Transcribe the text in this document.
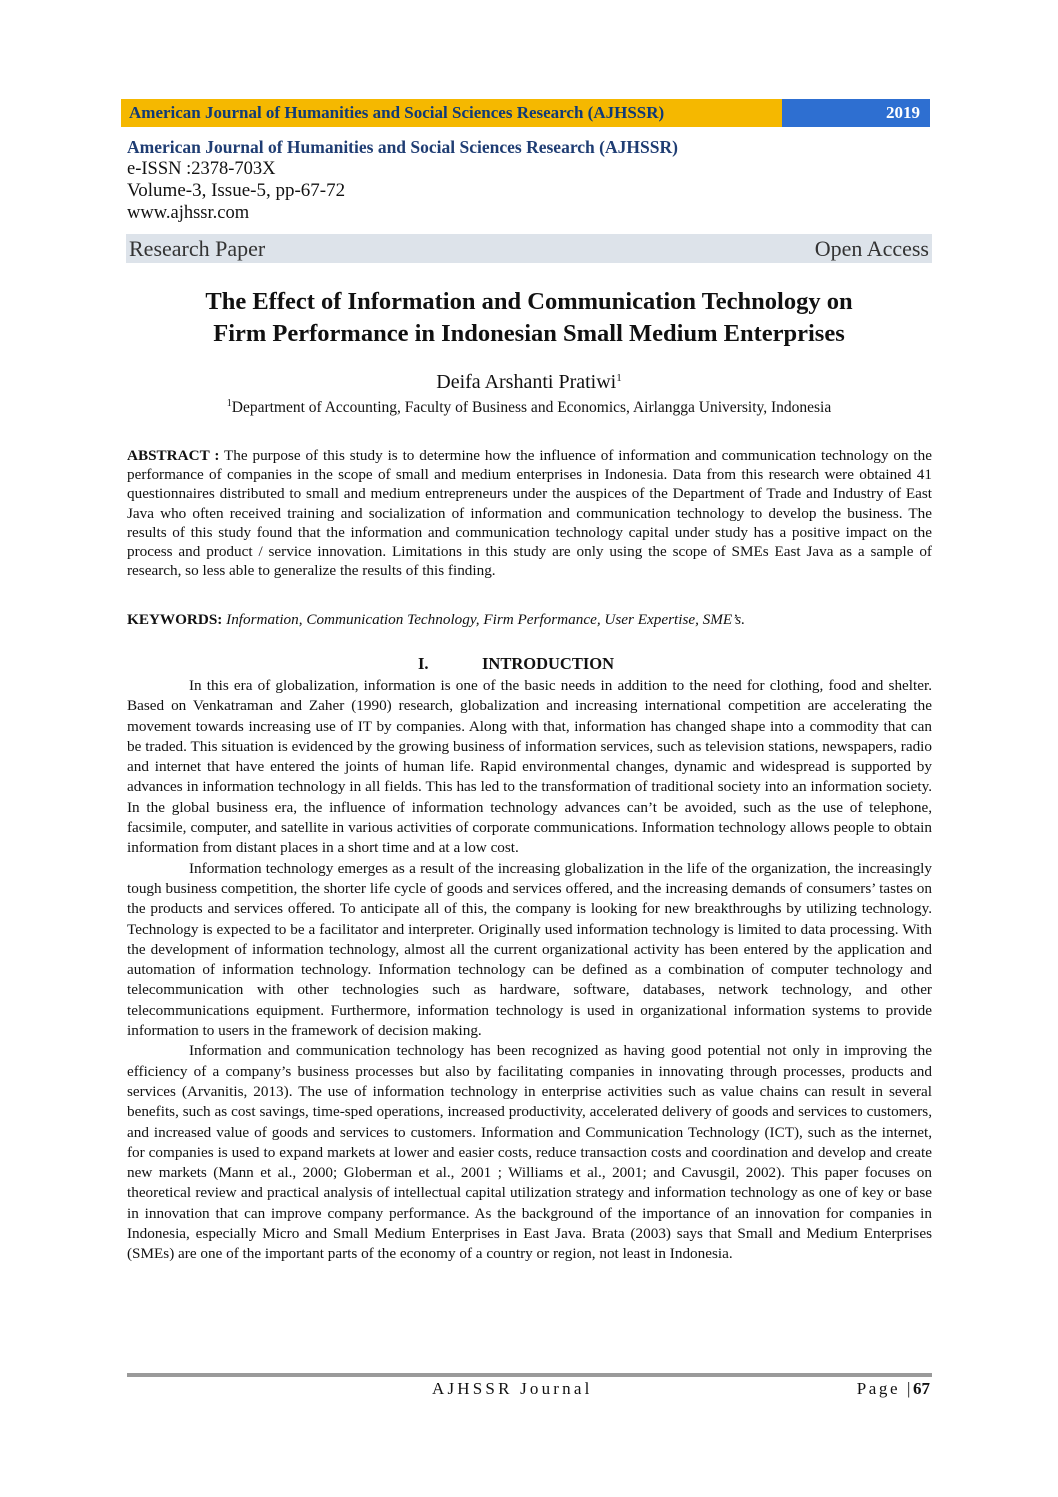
American Journal of Humanities and Social Sciences Research (AJHSSR)	2019
American Journal of Humanities and Social Sciences Research (AJHSSR)
e-ISSN :2378-703X
Volume-3, Issue-5, pp-67-72
www.ajhssr.com
Research Paper	Open Access
The Effect of Information and Communication Technology on
Firm Performance in Indonesian Small Medium Enterprises
Deifa Arshanti Pratiwi$^1$
$^1$Department of Accounting, Faculty of Business and Economics, Airlangga University, Indonesia
ABSTRACT : The purpose of this study is to determine how the influence of information and communication technology on the performance of companies in the scope of small and medium enterprises in Indonesia. Data from this research were obtained 41 questionnaires distributed to small and medium entrepreneurs under the auspices of the Department of Trade and Industry of East Java who often received training and socialization of information and communication technology to develop the business. The results of this study found that the information and communication technology capital under study has a positive impact on the process and product / service innovation. Limitations in this study are only using the scope of SMEs East Java as a sample of research, so less able to generalize the results of this finding.
KEYWORDS: Information, Communication Technology, Firm Performance, User Expertise, SME’s.
I.	INTRODUCTION

In this era of globalization, information is one of the basic needs in addition to the need for clothing, food and shelter. Based on Venkatraman and Zaher (1990) research, globalization and increasing international competition are accelerating the movement towards increasing use of IT by companies. Along with that, information has changed shape into a commodity that can be traded. This situation is evidenced by the growing business of information services, such as television stations, newspapers, radio and internet that have entered the joints of human life. Rapid environmental changes, dynamic and widespread is supported by advances in information technology in all fields. This has led to the transformation of traditional society into an information society. In the global business era, the influence of information technology advances can’t be avoided, such as the use of telephone, facsimile, computer, and satellite in various activities of corporate communications. Information technology allows people to obtain information from distant places in a short time and at a low cost.

Information technology emerges as a result of the increasing globalization in the life of the organization, the increasingly tough business competition, the shorter life cycle of goods and services offered, and the increasing demands of consumers’ tastes on the products and services offered. To anticipate all of this, the company is looking for new breakthroughs by utilizing technology. Technology is expected to be a facilitator and interpreter. Originally used information technology is limited to data processing. With the development of information technology, almost all the current organizational activity has been entered by the application and automation of information technology. Information technology can be defined as a combination of computer technology and telecommunication with other technologies such as hardware, software, databases, network technology, and other telecommunications equipment. Furthermore, information technology is used in organizational information systems to provide information to users in the framework of decision making.

Information and communication technology has been recognized as having good potential not only in improving the efficiency of a company’s business processes but also by facilitating companies in innovating through processes, products and services (Arvanitis, 2013). The use of information technology in enterprise activities such as value chains can result in several benefits, such as cost savings, time-sped operations, increased productivity, accelerated delivery of goods and services to customers, and increased value of goods and services to customers. Information and Communication Technology (ICT), such as the internet, for companies is used to expand markets at lower and easier costs, reduce transaction costs and coordination and develop and create new markets (Mann et al., 2000; Globerman et al., 2001 ; Williams et al., 2001; and Cavusgil, 2002). This paper focuses on theoretical review and practical analysis of intellectual capital utilization strategy and information technology as one of key or base in innovation that can improve company performance. As the background of the importance of an innovation for companies in Indonesia, especially Micro and Small Medium Enterprises in East Java. Brata (2003) says that Small and Medium Enterprises (SMEs) are one of the important parts of the economy of a country or region, not least in Indonesia.

AJHSSR Journal	Page |67
